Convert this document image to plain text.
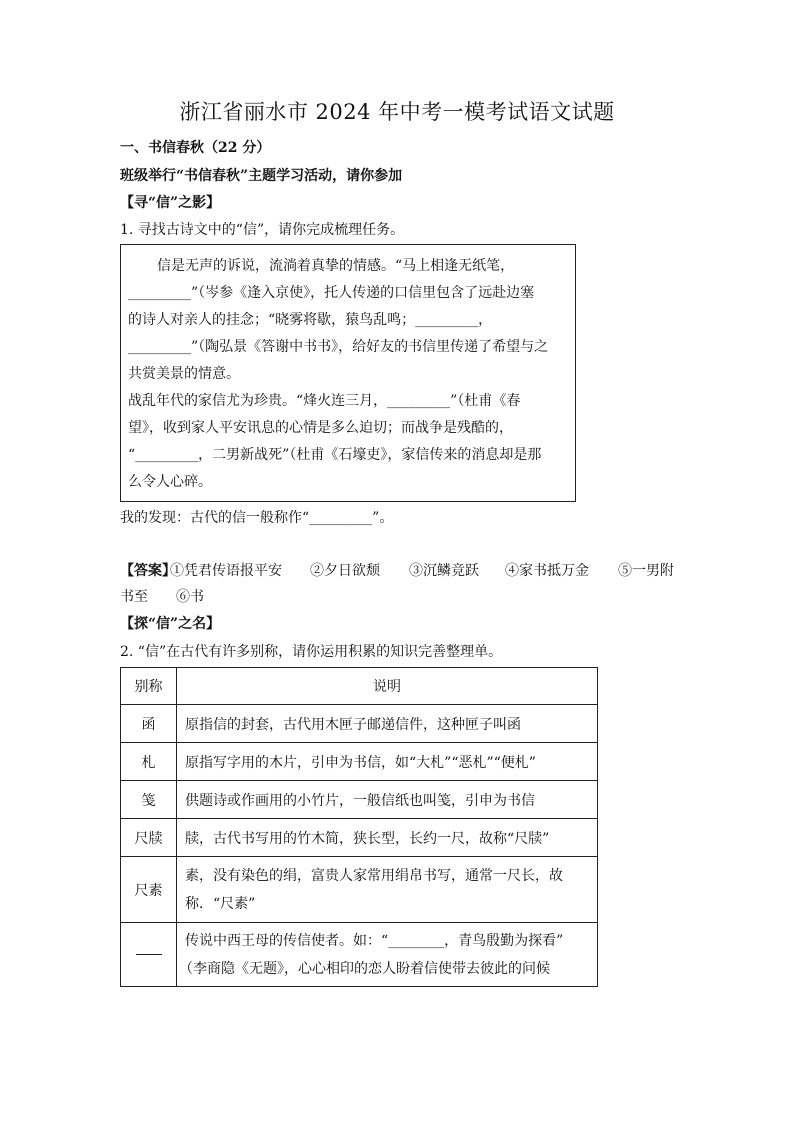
浙江省丽水市 2024 年中考一模考试语文试题
一、书信春秋（22 分）
班级举行“书信春秋”主题学习活动，请你参加
【寻“信”之影】
1. 寻找古诗文中的“信”，请你完成梳理任务。
信是无声的诉说，流淌着真挚的情感。“马上相逢无纸笔，
_________”（岑参《逢入京使》，托人传递的口信里包含了远赴边塞
的诗人对亲人的挂念；“晓雾将歇，猿鸟乱鸣；_________，
_________”（陶弘景《答谢中书书》，给好友的书信里传递了希望与之
共赏美景的情意。
战乱年代的家信尤为珍贵。“烽火连三月，_________”（杜甫《春
望》，收到家人平安讯息的心情是多么迫切；而战争是残酷的，
“_________，二男新战死”（杜甫《石壕吏》，家信传来的消息却是那
么令人心碎。
我的发现：古代的信一般称作“_________”。
【答案】
①凭君传语报平安 ②夕日欲颓 ③沉鳞竞跃 ④家书抵万金 ⑤一男附
书至 ⑥书
【探“信”之名】
2. “信”在古代有许多别称，请你运用积累的知识完善整理单。
别称	说明
函	原指信的封套，古代用木匣子邮递信件，这种匣子叫函
札	原指写字用的木片，引申为书信，如“大札”“恶札”“便札”
笺	供题诗或作画用的小竹片，一般信纸也叫笺，引申为书信
尺牍	牍，古代书写用的竹木简，狭长型，长约一尺，故称“尺牍”
尺素	素，没有染色的绢，富贵人家常用绢帛书写，通常一尺长，故
称．“尺素”

	传说中西王母的传信使者。如：“________，青鸟殷勤为探看”
（李商隐《无题》，心心相印的恋人盼着信使带去彼此的问候
